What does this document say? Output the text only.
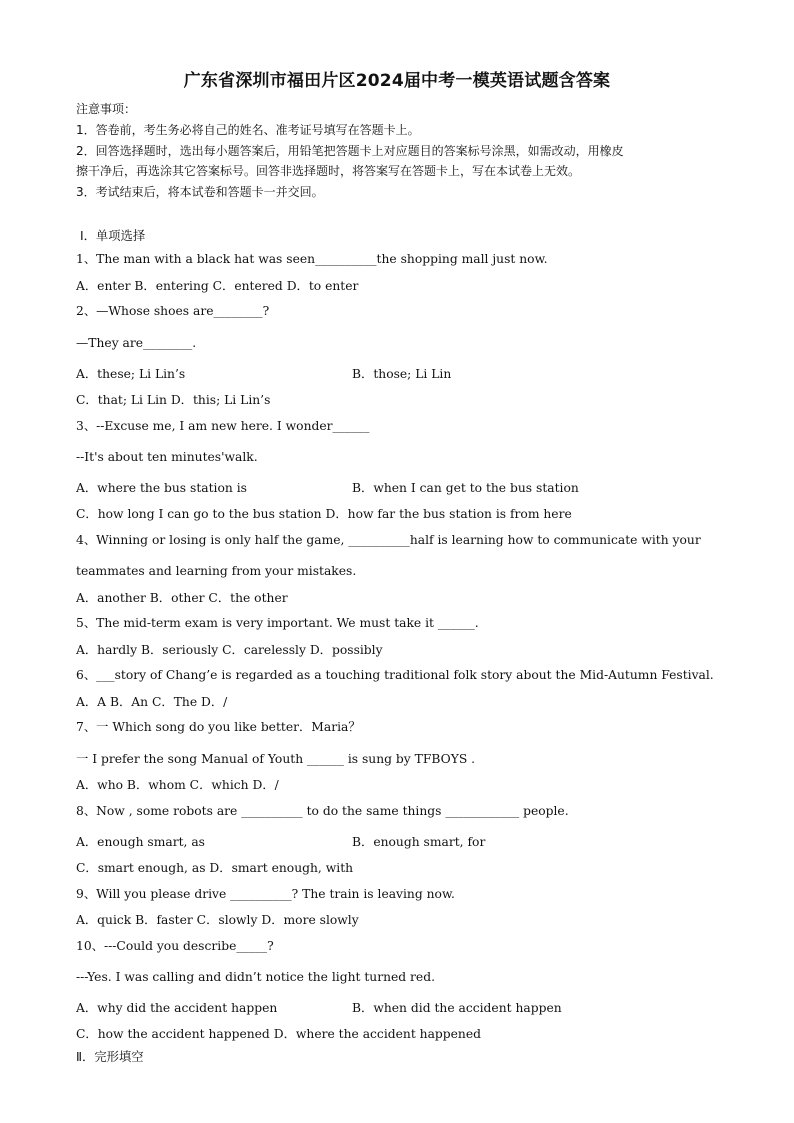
广东省深圳市福田片区2024届中考一模英语试题含答案
注意事项：
1．答卷前，考生务必将自己的姓名、准考证号填写在答题卡上。
2．回答选择题时，选出每小题答案后，用铅笔把答题卡上对应题目的答案标号涂黑，如需改动，用橡皮
擦干净后，再选涂其它答案标号。回答非选择题时，将答案写在答题卡上，写在本试卷上无效。
3．考试结束后，将本试卷和答题卡一并交回。
Ⅰ．单项选择
1、The man with a black hat was seen__________the shopping mall just now.
A．enter B．entering C．entered D．to enter
2、—Whose shoes are________?
—They are________.
A．these; Li Lin’s	B．those; Li Lin
C．that; Li Lin D．this; Li Lin’s
3、--Excuse me, I am new here. I wonder______
--It's about ten minutes'walk.
A．where the bus station is	B．when I can get to the bus station
C．how long I can go to the bus station D．how far the bus station is from here
4、Winning or losing is only half the game, __________half is learning how to communicate with your
teammates and learning from your mistakes.
A．another B．other C．the other
5、The mid-term exam is very important. We must take it ______.
A．hardly B．seriously C．carelessly D．possibly
6、___story of Chang’e is regarded as a touching traditional folk story about the Mid-Autumn Festival.
A．A B．An C．The D．/
7、一 Which song do you like better．Maria？
一 I prefer the song Manual of Youth ______ is sung by TFBOYS .
A．who B．whom C．which D．/
8、Now , some robots are __________ to do the same things ____________ people.
A．enough smart, as	B．enough smart, for
C．smart enough, as D．smart enough, with
9、Will you please drive __________? The train is leaving now.
A．quick B．faster C．slowly D．more slowly
10、---Could you describe_____?
---Yes. I was calling and didn’t notice the light turned red.
A．why did the accident happen	B．when did the accident happen
C．how the accident happened D．where the accident happened
Ⅱ．完形填空
